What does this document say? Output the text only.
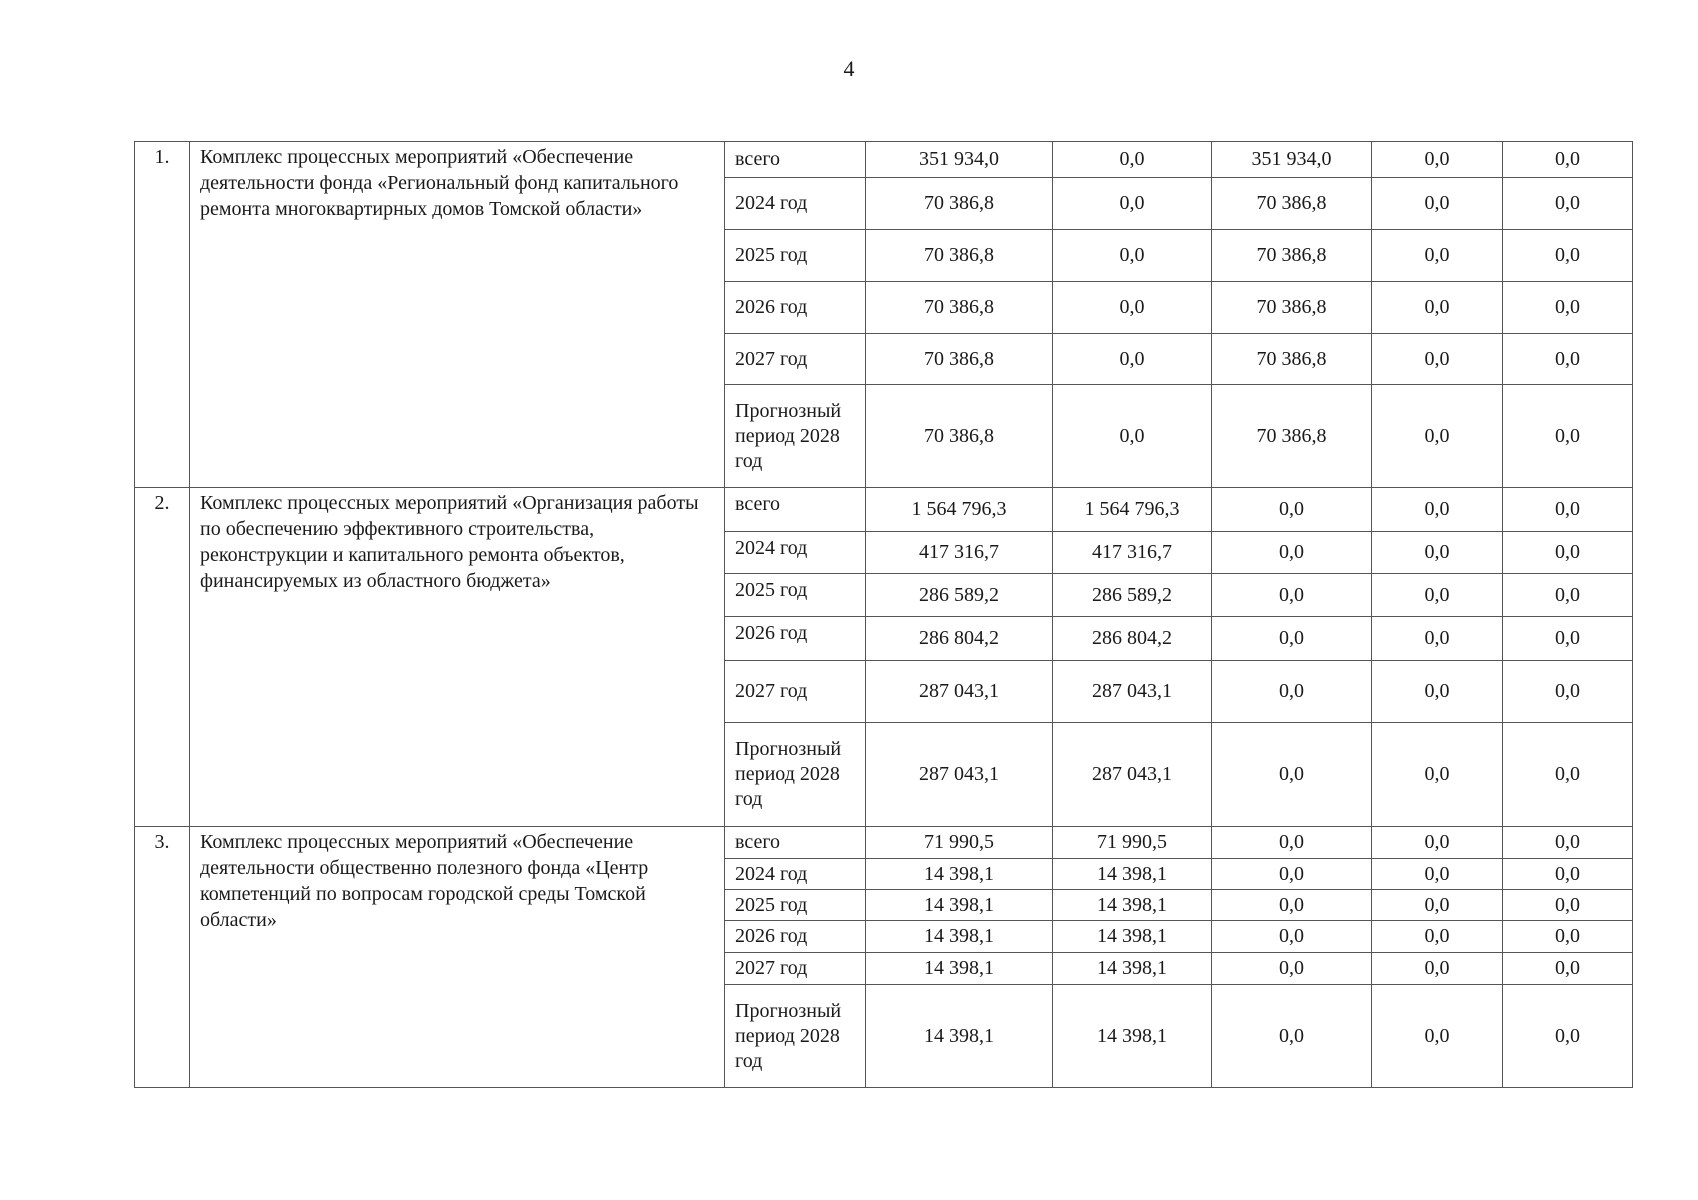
4
1.	Комплекс процессных мероприятий «Обеспечение деятельности фонда «Региональный фонд капитального ремонта многоквартирных домов Томской области»	всего	351 934,0	0,0	351 934,0	0,0	0,0
		2024 год	70 386,8	0,0	70 386,8	0,0	0,0
		2025 год	70 386,8	0,0	70 386,8	0,0	0,0
		2026 год	70 386,8	0,0	70 386,8	0,0	0,0
		2027 год	70 386,8	0,0	70 386,8	0,0	0,0
		Прогнозный период 2028 год	70 386,8	0,0	70 386,8	0,0	0,0
2.	Комплекс процессных мероприятий «Организация работы по обеспечению эффективного строительства, реконструкции и капитального ремонта объектов, финансируемых из областного бюджета»	всего	1 564 796,3	1 564 796,3	0,0	0,0	0,0
		2024 год	417 316,7	417 316,7	0,0	0,0	0,0
		2025 год	286 589,2	286 589,2	0,0	0,0	0,0
		2026 год	286 804,2	286 804,2	0,0	0,0	0,0
		2027 год	287 043,1	287 043,1	0,0	0,0	0,0
		Прогнозный период 2028 год	287 043,1	287 043,1	0,0	0,0	0,0
3.	Комплекс процессных мероприятий «Обеспечение деятельности общественно полезного фонда «Центр компетенций по вопросам городской среды Томской области»	всего	71 990,5	71 990,5	0,0	0,0	0,0
		2024 год	14 398,1	14 398,1	0,0	0,0	0,0
		2025 год	14 398,1	14 398,1	0,0	0,0	0,0
		2026 год	14 398,1	14 398,1	0,0	0,0	0,0
		2027 год	14 398,1	14 398,1	0,0	0,0	0,0
		Прогнозный период 2028 год	14 398,1	14 398,1	0,0	0,0	0,0
